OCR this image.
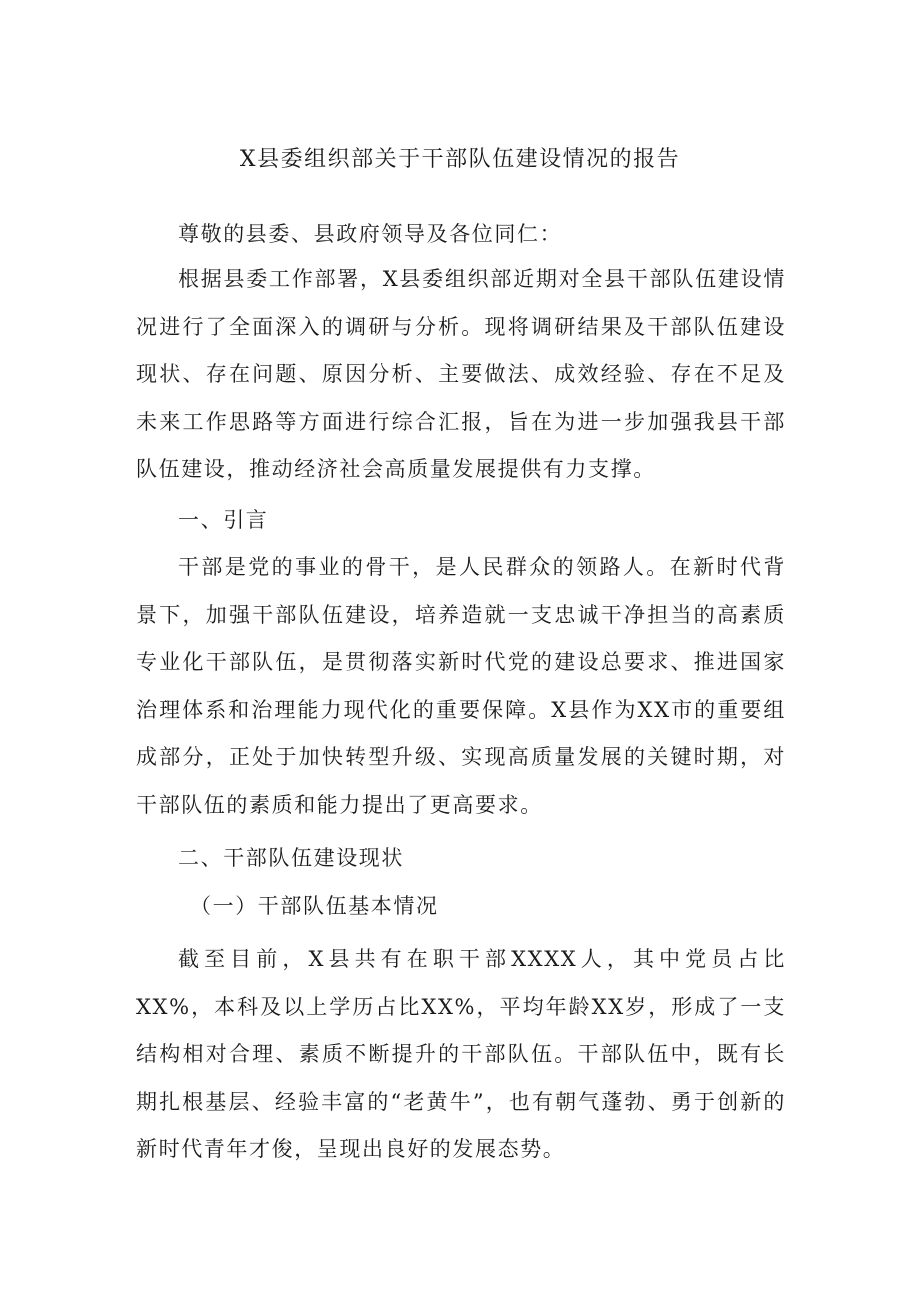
X县委组织部关于干部队伍建设情况的报告

尊敬的县委、县政府领导及各位同仁：

根据县委工作部署，X县委组织部近期对全县干部队伍建设情况进行了全面深入的调研与分析。现将调研结果及干部队伍建设现状、存在问题、原因分析、主要做法、成效经验、存在不足及未来工作思路等方面进行综合汇报，旨在为进一步加强我县干部队伍建设，推动经济社会高质量发展提供有力支撑。

一、引言

干部是党的事业的骨干，是人民群众的领路人。在新时代背景下，加强干部队伍建设，培养造就一支忠诚干净担当的高素质专业化干部队伍，是贯彻落实新时代党的建设总要求、推进国家治理体系和治理能力现代化的重要保障。X县作为XX市的重要组成部分，正处于加快转型升级、实现高质量发展的关键时期，对干部队伍的素质和能力提出了更高要求。

二、干部队伍建设现状
（一）干部队伍基本情况

截至目前，X县共有在职干部XXXX人，其中党员占比XX%，本科及以上学历占比XX%，平均年龄XX岁，形成了一支结构相对合理、素质不断提升的干部队伍。干部队伍中，既有长期扎根基层、经验丰富的“老黄牛”，也有朝气蓬勃、勇于创新的新时代青年才俊，呈现出良好的发展态势。
